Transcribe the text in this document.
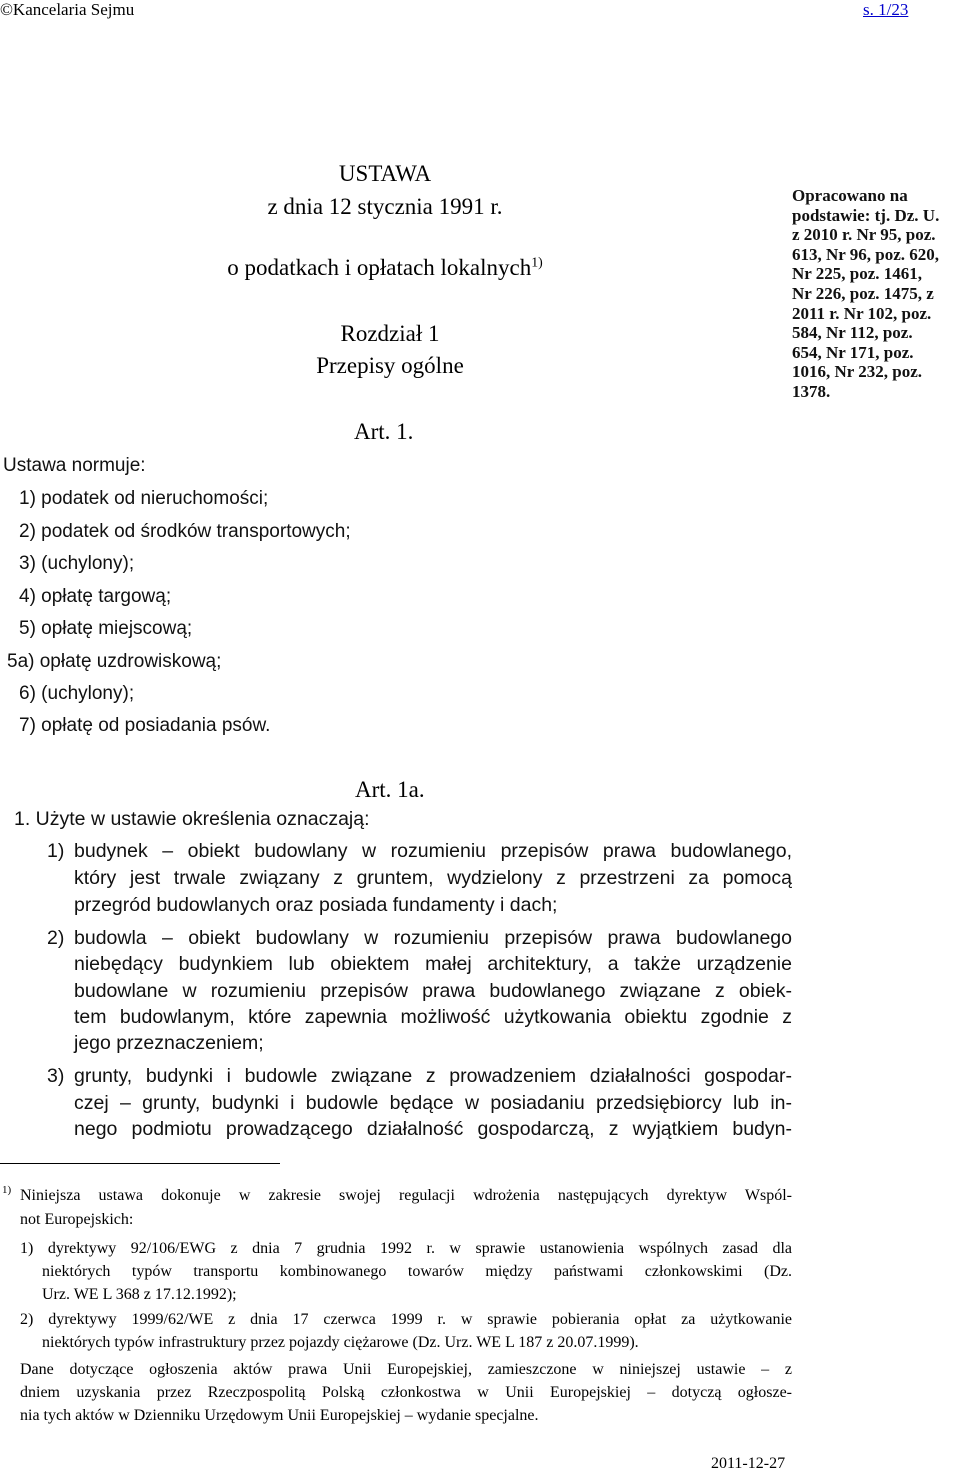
©Kancelaria Sejmu	s. 1/23
USTAWA
z dnia 12 stycznia 1991 r.
o podatkach i opłatach lokalnych$^{1)}$
Opracowano na
podstawie: tj. Dz. U.
z 2010 r. Nr 95, poz.
613, Nr 96, poz. 620,
Nr 225, poz. 1461,
Nr 226, poz. 1475, z
2011 r. Nr 102, poz.
584, Nr 112, poz.
654, Nr 171, poz.
1016, Nr 232, poz.
1378.
Rozdział 1
Przepisy ogólne
Art. 1.
Ustawa normuje:
1) podatek od nieruchomości;
2) podatek od środków transportowych;
3) (uchylony);
4) opłatę targową;
5) opłatę miejscową;
5a) opłatę uzdrowiskową;
6) (uchylony);
7) opłatę od posiadania psów.
Art. 1a.
1. Użyte w ustawie określenia oznaczają:
1) budynek – obiekt budowlany w rozumieniu przepisów prawa budowlanego,
który jest trwale związany z gruntem, wydzielony z przestrzeni za pomocą
przegród budowlanych oraz posiada fundamenty i dach;
2) budowla – obiekt budowlany w rozumieniu przepisów prawa budowlanego
niebędący budynkiem lub obiektem małej architektury, a także urządzenie
budowlane w rozumieniu przepisów prawa budowlanego związane z obiek-
tem budowlanym, które zapewnia możliwość użytkowania obiektu zgodnie z
jego przeznaczeniem;
3) grunty, budynki i budowle związane z prowadzeniem działalności gospodar-
czej – grunty, budynki i budowle będące w posiadaniu przedsiębiorcy lub in-
nego podmiotu prowadzącego działalność gospodarczą, z wyjątkiem budyn-
1) Niniejsza ustawa dokonuje w zakresie swojej regulacji wdrożenia następujących dyrektyw Wspól-
not Europejskich:
1) dyrektywy 92/106/EWG z dnia 7 grudnia 1992 r. w sprawie ustanowienia wspólnych zasad dla
niektórych typów transportu kombinowanego towarów między państwami członkowskimi (Dz.
Urz. WE L 368 z 17.12.1992);
2) dyrektywy 1999/62/WE z dnia 17 czerwca 1999 r. w sprawie pobierania opłat za użytkowanie
niektórych typów infrastruktury przez pojazdy ciężarowe (Dz. Urz. WE L 187 z 20.07.1999).
Dane dotyczące ogłoszenia aktów prawa Unii Europejskiej, zamieszczone w niniejszej ustawie – z
dniem uzyskania przez Rzeczpospolitą Polską członkostwa w Unii Europejskiej – dotyczą ogłosze-
nia tych aktów w Dzienniku Urzędowym Unii Europejskiej – wydanie specjalne.
2011-12-27
